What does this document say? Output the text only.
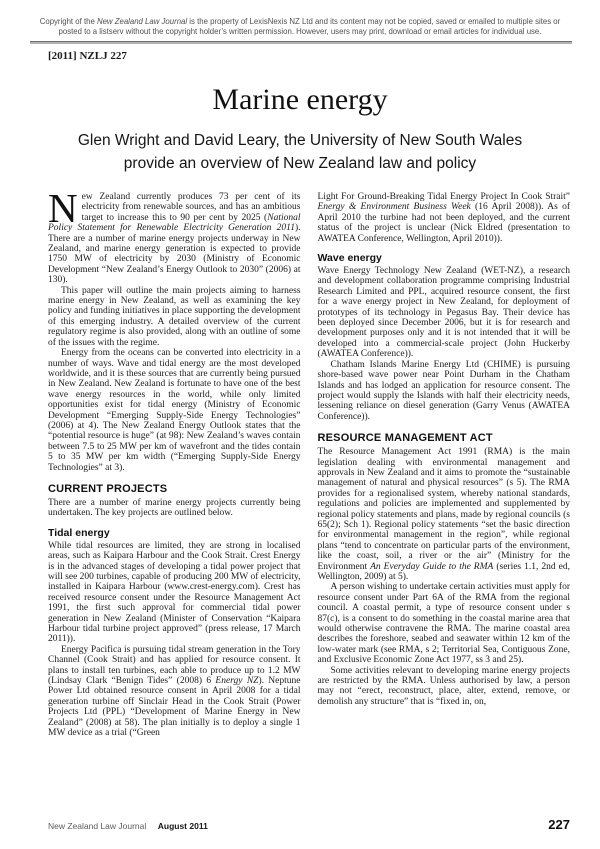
Copyright of the New Zealand Law Journal is the property of LexisNexis NZ Ltd and its content may not be copied, saved or emailed to multiple sites or posted to a listserv without the copyright holder’s written permission. However, users may print, download or email articles for individual use.
[2011] NZLJ 227
Marine energy
Glen Wright and David Leary, the University of New South Wales provide an overview of New Zealand law and policy

New Zealand currently produces 73 per cent of its electricity from renewable sources, and has an ambitious target to increase this to 90 per cent by 2025 (National Policy Statement for Renewable Electricity Generation 2011). There are a number of marine energy projects underway in New Zealand, and marine energy generation is expected to provide 1750 MW of electricity by 2030 (Ministry of Economic Development “New Zealand’s Energy Outlook to 2030” (2006) at 130).

This paper will outline the main projects aiming to harness marine energy in New Zealand, as well as examining the key policy and funding initiatives in place supporting the development of this emerging industry. A detailed overview of the current regulatory regime is also provided, along with an outline of some of the issues with the regime.

Energy from the oceans can be converted into electricity in a number of ways. Wave and tidal energy are the most developed worldwide, and it is these sources that are currently being pursued in New Zealand. New Zealand is fortunate to have one of the best wave energy resources in the world, while only limited opportunities exist for tidal energy (Ministry of Economic Development “Emerging Supply-Side Energy Technologies” (2006) at 4). The New Zealand Energy Outlook states that the “potential resource is huge” (at 98): New Zealand’s waves contain between 7.5 to 25 MW per km of wavefront and the tides contain 5 to 35 MW per km width (“Emerging Supply-Side Energy Technologies” at 3).

CURRENT PROJECTS

There are a number of marine energy projects currently being undertaken. The key projects are outlined below.

Tidal energy

While tidal resources are limited, they are strong in localised areas, such as Kaipara Harbour and the Cook Strait. Crest Energy is in the advanced stages of developing a tidal power project that will see 200 turbines, capable of producing 200 MW of electricity, installed in Kaipara Harbour (www.crest-energy.com). Crest has received resource consent under the Resource Management Act 1991, the first such approval for commercial tidal power generation in New Zealand (Minister of Conservation “Kaipara Harbour tidal turbine project approved” (press release, 17 March 2011)).

Energy Pacifica is pursuing tidal stream generation in the Tory Channel (Cook Strait) and has applied for resource consent. It plans to install ten turbines, each able to produce up to 1.2 MW (Lindsay Clark “Benign Tides” (2008) 6 Energy NZ). Neptune Power Ltd obtained resource consent in April 2008 for a tidal generation turbine off Sinclair Head in the Cook Strait (Power Projects Ltd (PPL) “Development of Marine Energy in New Zealand” (2008) at 58). The plan initially is to deploy a single 1 MW device as a trial (“Green

Light For Ground-Breaking Tidal Energy Project In Cook Strait” Energy & Environment Business Week (16 April 2008)). As of April 2010 the turbine had not been deployed, and the current status of the project is unclear (Nick Eldred (presentation to AWATEA Conference, Wellington, April 2010)).

Wave energy

Wave Energy Technology New Zealand (WET-NZ), a research and development collaboration programme comprising Industrial Research Limited and PPL, acquired resource consent, the first for a wave energy project in New Zealand, for deployment of prototypes of its technology in Pegasus Bay. Their device has been deployed since December 2006, but it is for research and development purposes only and it is not intended that it will be developed into a commercial-scale project (John Huckerby (AWATEA Conference)).

Chatham Islands Marine Energy Ltd (CHIME) is pursuing shore-based wave power near Point Durham in the Chatham Islands and has lodged an application for resource consent. The project would supply the Islands with half their electricity needs, lessening reliance on diesel generation (Garry Venus (AWATEA Conference)).

RESOURCE MANAGEMENT ACT

The Resource Management Act 1991 (RMA) is the main legislation dealing with environmental management and approvals in New Zealand and it aims to promote the “sustainable management of natural and physical resources” (s 5). The RMA provides for a regionalised system, whereby national standards, regulations and policies are implemented and supplemented by regional policy statements and plans, made by regional councils (s 65(2); Sch 1). Regional policy statements “set the basic direction for environmental management in the region”, while regional plans “tend to concentrate on particular parts of the environment, like the coast, soil, a river or the air” (Ministry for the Environment An Everyday Guide to the RMA (series 1.1, 2nd ed, Wellington, 2009) at 5).

A person wishing to undertake certain activities must apply for resource consent under Part 6A of the RMA from the regional council. A coastal permit, a type of resource consent under s 87(c), is a consent to do something in the coastal marine area that would otherwise contravene the RMA. The marine coastal area describes the foreshore, seabed and seawater within 12 km of the low-water mark (see RMA, s 2; Territorial Sea, Contiguous Zone, and Exclusive Economic Zone Act 1977, ss 3 and 25).

Some activities relevant to developing marine energy projects are restricted by the RMA. Unless authorised by law, a person may not “erect, reconstruct, place, alter, extend, remove, or demolish any structure” that is “fixed in, on,

New Zealand Law Journal August 2011	227
